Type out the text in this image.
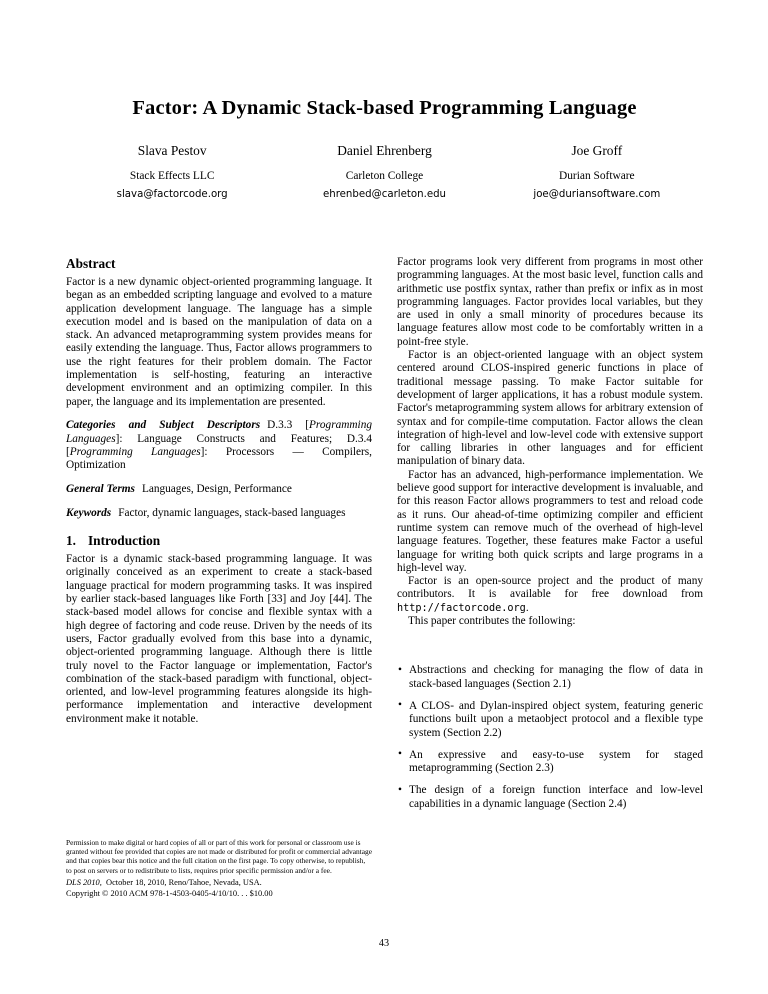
Factor: A Dynamic Stack-based Programming Language
Slava Pestov
Stack Effects LLC
slava@factorcode.org
Daniel Ehrenberg
Carleton College
ehrenbed@carleton.edu
Joe Groff
Durian Software
joe@duriansoftware.com
Abstract

Factor is a new dynamic object-oriented programming language. It began as an embedded scripting language and evolved to a mature application development language. The language has a simple execution model and is based on the manipulation of data on a stack. An advanced metaprogramming system provides means for easily extending the language. Thus, Factor allows programmers to use the right features for their problem domain. The Factor implementation is self-hosting, featuring an interactive development environment and an optimizing compiler. In this paper, the language and its implementation are presented.

Categories and Subject Descriptors D.3.3 [Programming Languages]: Language Constructs and Features; D.3.4 [Programming Languages]: Processors — Compilers, Optimization
General Terms Languages, Design, Performance
Keywords Factor, dynamic languages, stack-based languages
1. Introduction

Factor is a dynamic stack-based programming language. It was originally conceived as an experiment to create a stack-based language practical for modern programming tasks. It was inspired by earlier stack-based languages like Forth [33] and Joy [44]. The stack-based model allows for concise and flexible syntax with a high degree of factoring and code reuse. Driven by the needs of its users, Factor gradually evolved from this base into a dynamic, object-oriented programming language. Although there is little truly novel to the Factor language or implementation, Factor's combination of the stack-based paradigm with functional, object-oriented, and low-level programming features alongside its high-performance implementation and interactive development environment make it notable.

Factor programs look very different from programs in most other programming languages. At the most basic level, function calls and arithmetic use postfix syntax, rather than prefix or infix as in most programming languages. Factor provides local variables, but they are used in only a small minority of procedures because its language features allow most code to be comfortably written in a point-free style.

Factor is an object-oriented language with an object system centered around CLOS-inspired generic functions in place of traditional message passing. To make Factor suitable for development of larger applications, it has a robust module system. Factor's metaprogramming system allows for arbitrary extension of syntax and for compile-time computation. Factor allows the clean integration of high-level and low-level code with extensive support for calling libraries in other languages and for efficient manipulation of binary data.

Factor has an advanced, high-performance implementation. We believe good support for interactive development is invaluable, and for this reason Factor allows programmers to test and reload code as it runs. Our ahead-of-time optimizing compiler and efficient runtime system can remove much of the overhead of high-level language features. Together, these features make Factor a useful language for writing both quick scripts and large programs in a high-level way.

Factor is an open-source project and the product of many contributors. It is available for free download from http://factorcode.org.

This paper contributes the following:

• Abstractions and checking for managing the flow of data in stack-based languages (Section 2.1)
• A CLOS- and Dylan-inspired object system, featuring generic functions built upon a metaobject protocol and a flexible type system (Section 2.2)
• An expressive and easy-to-use system for staged metaprogramming (Section 2.3)
• The design of a foreign function interface and low-level capabilities in a dynamic language (Section 2.4)
Permission to make digital or hard copies of all or part of this work for personal or classroom use is granted without fee provided that copies are not made or distributed for profit or commercial advantage and that copies bear this notice and the full citation on the first page. To copy otherwise, to republish, to post on servers or to redistribute to lists, requires prior specific permission and/or a fee.
DLS 2010, October 18, 2010, Reno/Tahoe, Nevada, USA.
Copyright © 2010 ACM 978-1-4503-0405-4/10/10. . . $10.00
43
